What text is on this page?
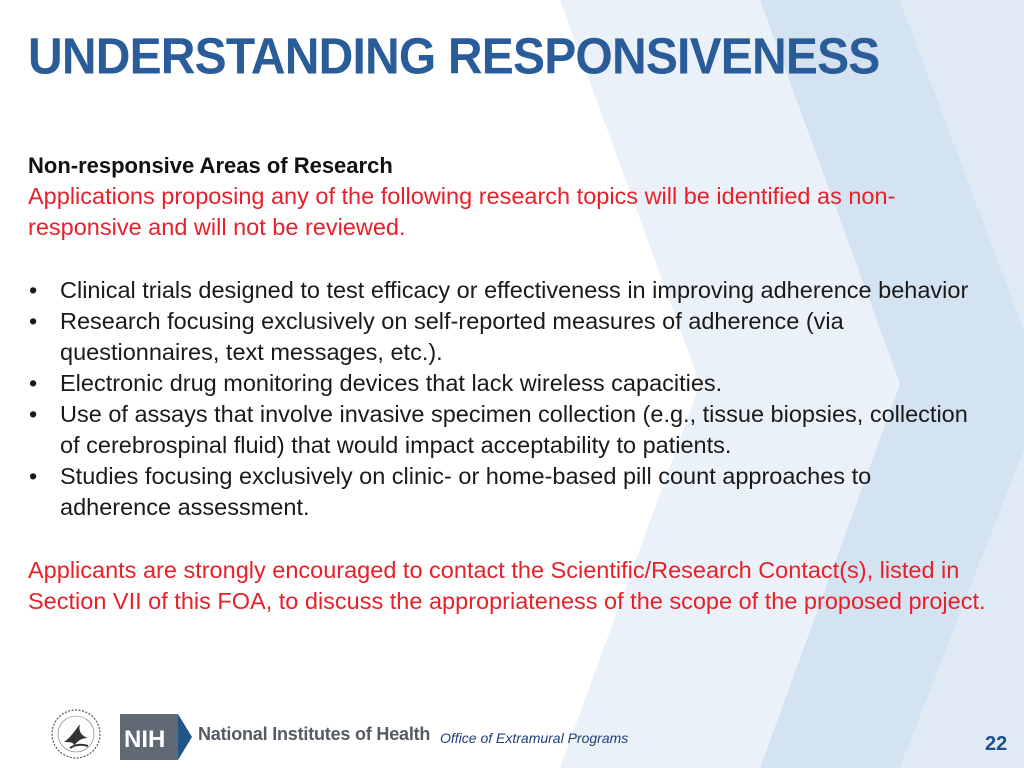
UNDERSTANDING RESPONSIVENESS
Non-responsive Areas of Research
Applications proposing any of the following research topics will be identified as non-responsive and will not be reviewed.
• Clinical trials designed to test efficacy or effectiveness in improving adherence behavior
• Research focusing exclusively on self-reported measures of adherence (via questionnaires, text messages, etc.).
• Electronic drug monitoring devices that lack wireless capacities.
• Use of assays that involve invasive specimen collection (e.g., tissue biopsies, collection of cerebrospinal fluid) that would impact acceptability to patients.
• Studies focusing exclusively on clinic- or home-based pill count approaches to adherence assessment.
Applicants are strongly encouraged to contact the Scientific/Research Contact(s), listed in Section VII of this FOA, to discuss the appropriateness of the scope of the proposed project.
NIH National Institutes of Health Office of Extramural Programs	22
